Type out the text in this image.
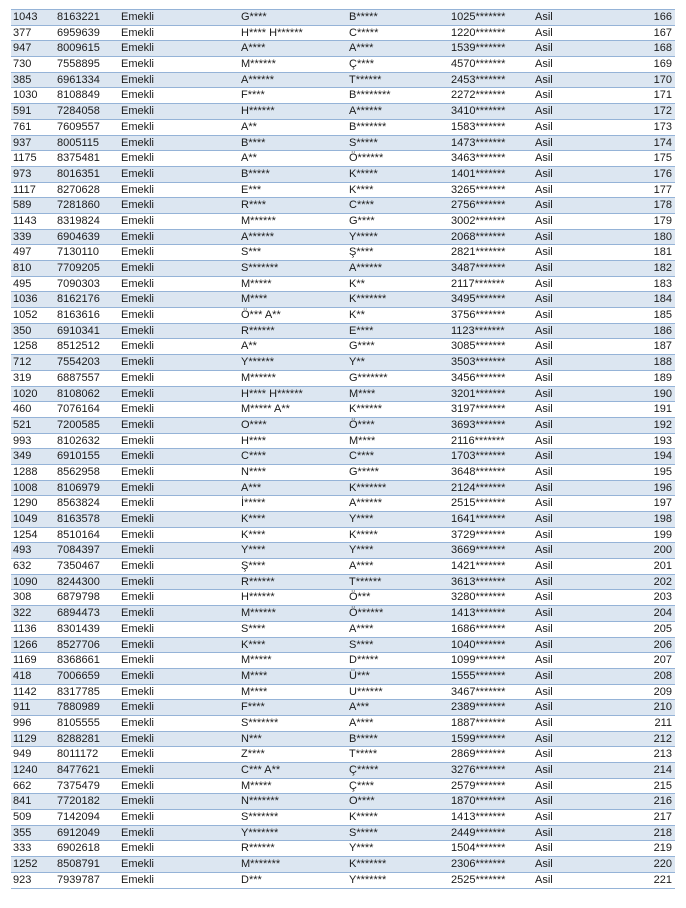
1043	8163221	Emekli	G****	B*****	1025*******	Asil	166
377	6959639	Emekli	H**** H******	C*****	1220*******	Asil	167
947	8009615	Emekli	A****	A****	1539*******	Asil	168
730	7558895	Emekli	M******	Ç****	4570*******	Asil	169
385	6961334	Emekli	A******	T******	2453*******	Asil	170
1030	8108849	Emekli	F****	B********	2272*******	Asil	171
591	7284058	Emekli	H******	A******	3410*******	Asil	172
761	7609557	Emekli	A**	B*******	1583*******	Asil	173
937	8005115	Emekli	B****	S*****	1473*******	Asil	174
1175	8375481	Emekli	A**	Ö******	3463*******	Asil	175
973	8016351	Emekli	B*****	K*****	1401*******	Asil	176
1117	8270628	Emekli	E***	K****	3265*******	Asil	177
589	7281860	Emekli	R****	C****	2756*******	Asil	178
1143	8319824	Emekli	M******	G****	3002*******	Asil	179
339	6904639	Emekli	A******	Y*****	2068*******	Asil	180
497	7130110	Emekli	S***	Ş****	2821*******	Asil	181
810	7709205	Emekli	S*******	A******	3487*******	Asil	182
495	7090303	Emekli	M*****	K**	2117*******	Asil	183
1036	8162176	Emekli	M****	K*******	3495*******	Asil	184
1052	8163616	Emekli	Ö*** A**	K**	3756*******	Asil	185
350	6910341	Emekli	R******	E****	1123*******	Asil	186
1258	8512512	Emekli	A**	G****	3085*******	Asil	187
712	7554203	Emekli	Y******	Y**	3503*******	Asil	188
319	6887557	Emekli	M******	G*******	3456*******	Asil	189
1020	8108062	Emekli	H**** H******	M****	3201*******	Asil	190
460	7076164	Emekli	M***** A**	K******	3197*******	Asil	191
521	7200585	Emekli	O****	Ö****	3693*******	Asil	192
993	8102632	Emekli	H****	M****	2116*******	Asil	193
349	6910155	Emekli	C****	C****	1703*******	Asil	194
1288	8562958	Emekli	N****	G*****	3648*******	Asil	195
1008	8106979	Emekli	A***	K*******	2124*******	Asil	196
1290	8563824	Emekli	İ*****	A******	2515*******	Asil	197
1049	8163578	Emekli	K****	Y****	1641*******	Asil	198
1254	8510164	Emekli	K****	K*****	3729*******	Asil	199
493	7084397	Emekli	Y****	Y****	3669*******	Asil	200
632	7350467	Emekli	Ş****	A****	1421*******	Asil	201
1090	8244300	Emekli	R******	T******	3613*******	Asil	202
308	6879798	Emekli	H******	Ö***	3280*******	Asil	203
322	6894473	Emekli	M******	Ö******	1413*******	Asil	204
1136	8301439	Emekli	S****	A****	1686*******	Asil	205
1266	8527706	Emekli	K****	S****	1040*******	Asil	206
1169	8368661	Emekli	M*****	D*****	1099*******	Asil	207
418	7006659	Emekli	M****	Ü***	1555*******	Asil	208
1142	8317785	Emekli	M****	U******	3467*******	Asil	209
911	7880989	Emekli	F****	A***	2389*******	Asil	210
996	8105555	Emekli	S*******	A****	1887*******	Asil	211
1129	8288281	Emekli	N***	B*****	1599*******	Asil	212
949	8011172	Emekli	Z****	T*****	2869*******	Asil	213
1240	8477621	Emekli	C*** A**	Ç*****	3276*******	Asil	214
662	7375479	Emekli	M*****	Ç****	2579*******	Asil	215
841	7720182	Emekli	N*******	O****	1870*******	Asil	216
509	7142094	Emekli	S*******	K*****	1413*******	Asil	217
355	6912049	Emekli	Y*******	S*****	2449*******	Asil	218
333	6902618	Emekli	R******	Y****	1504*******	Asil	219
1252	8508791	Emekli	M*******	K*******	2306*******	Asil	220
923	7939787	Emekli	D***	Y*******	2525*******	Asil	221
